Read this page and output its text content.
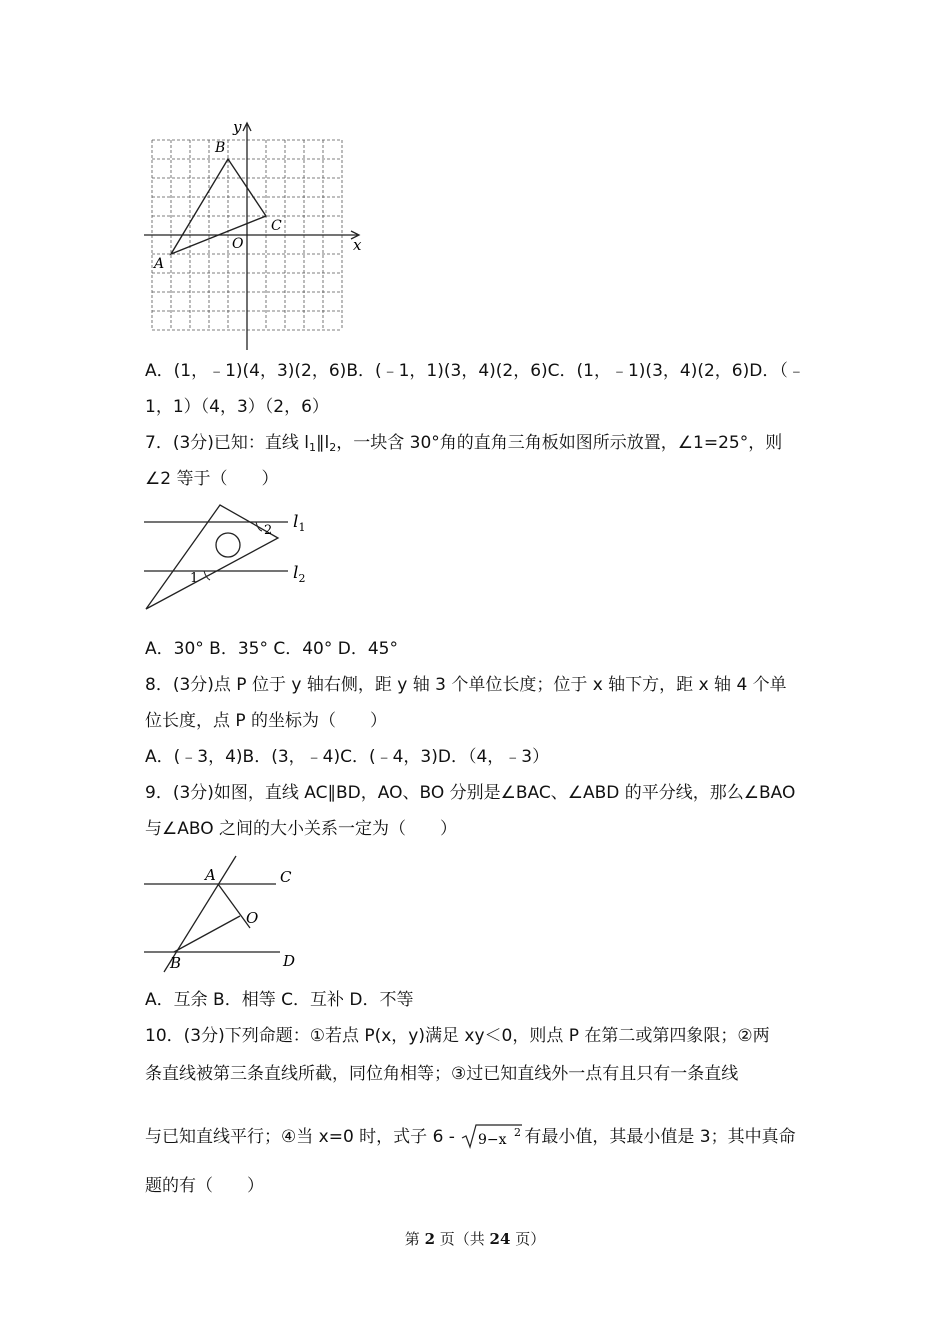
x
y
B
C
A
O
A．(1，﹣1)(4，3)(2，6)B．(﹣1，1)(3，4)(2，6)C．(1，﹣1)(3，4)(2，6)D．（﹣
1，1）（4，3）（2，6）
7．(3分)已知：直线 $l_1\parallel l_2$，一块含 30°角的直角三角板如图所示放置，∠1=25°，则
∠2 等于（　　）
2
1
$l_1$
$l_2$
A．30° B．35° C．40° D．45°
8．(3分)点 P 位于 y 轴右侧，距 y 轴 3 个单位长度；位于 x 轴下方，距 x 轴 4 个单
位长度，点 P 的坐标为（　　）
A．(﹣3，4)B．(3，﹣4)C．(﹣4，3)D．（4，﹣3）
9．(3分)如图，直线 AC∥BD，AO、BO 分别是∠BAC、∠ABD 的平分线，那么∠BAO
与∠ABO 之间的大小关系一定为（　　）
A	C
O
B	D
A．互余 B．相等 C．互补 D．不等
10．(3分)下列命题：①若点 P(x，y)满足 xy＜0，则点 P 在第二或第四象限；②两
条直线被第三条直线所截，同位角相等；③过已知直线外一点有且只有一条直线
与已知直线平行；④当 x=0 时，式子 6 - 9−x 2 有最小值，其最小值是 3；其中真命
题的有（　　）
第 2 页（共 24 页）
